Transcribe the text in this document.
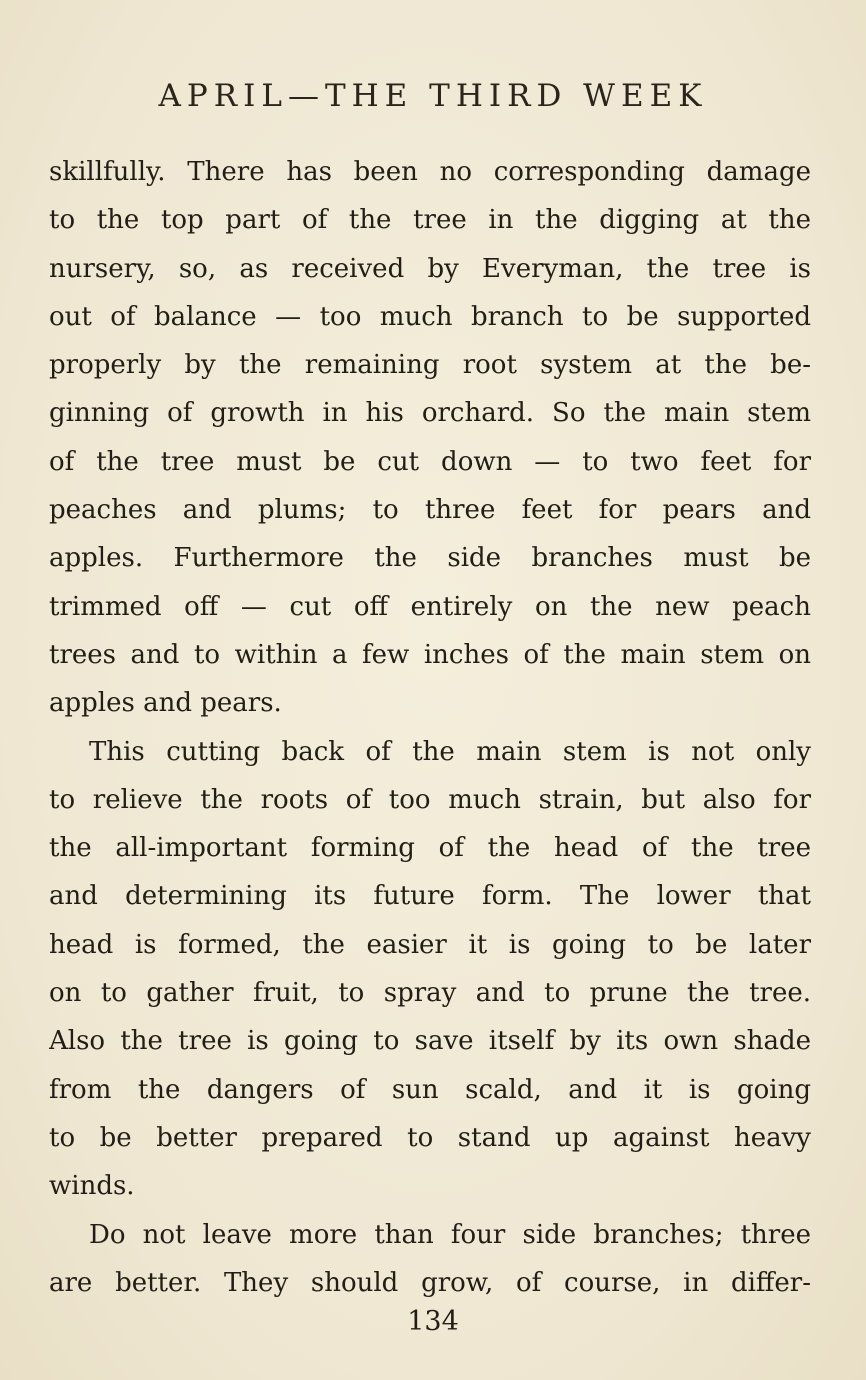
APRIL—THE THIRD WEEK
skillfully. There has been no corresponding damage
to the top part of the tree in the digging at the
nursery, so, as received by Everyman, the tree is
out of balance — too much branch to be supported
properly by the remaining root system at the be-
ginning of growth in his orchard. So the main stem
of the tree must be cut down — to two feet for
peaches and plums; to three feet for pears and
apples. Furthermore the side branches must be
trimmed off — cut off entirely on the new peach
trees and to within a few inches of the main stem on
apples and pears.
This cutting back of the main stem is not only
to relieve the roots of too much strain, but also for
the all-important forming of the head of the tree
and determining its future form. The lower that
head is formed, the easier it is going to be later
on to gather fruit, to spray and to prune the tree.
Also the tree is going to save itself by its own shade
from the dangers of sun scald, and it is going
to be better prepared to stand up against heavy
winds.
Do not leave more than four side branches; three
are better. They should grow, of course, in differ-
134
